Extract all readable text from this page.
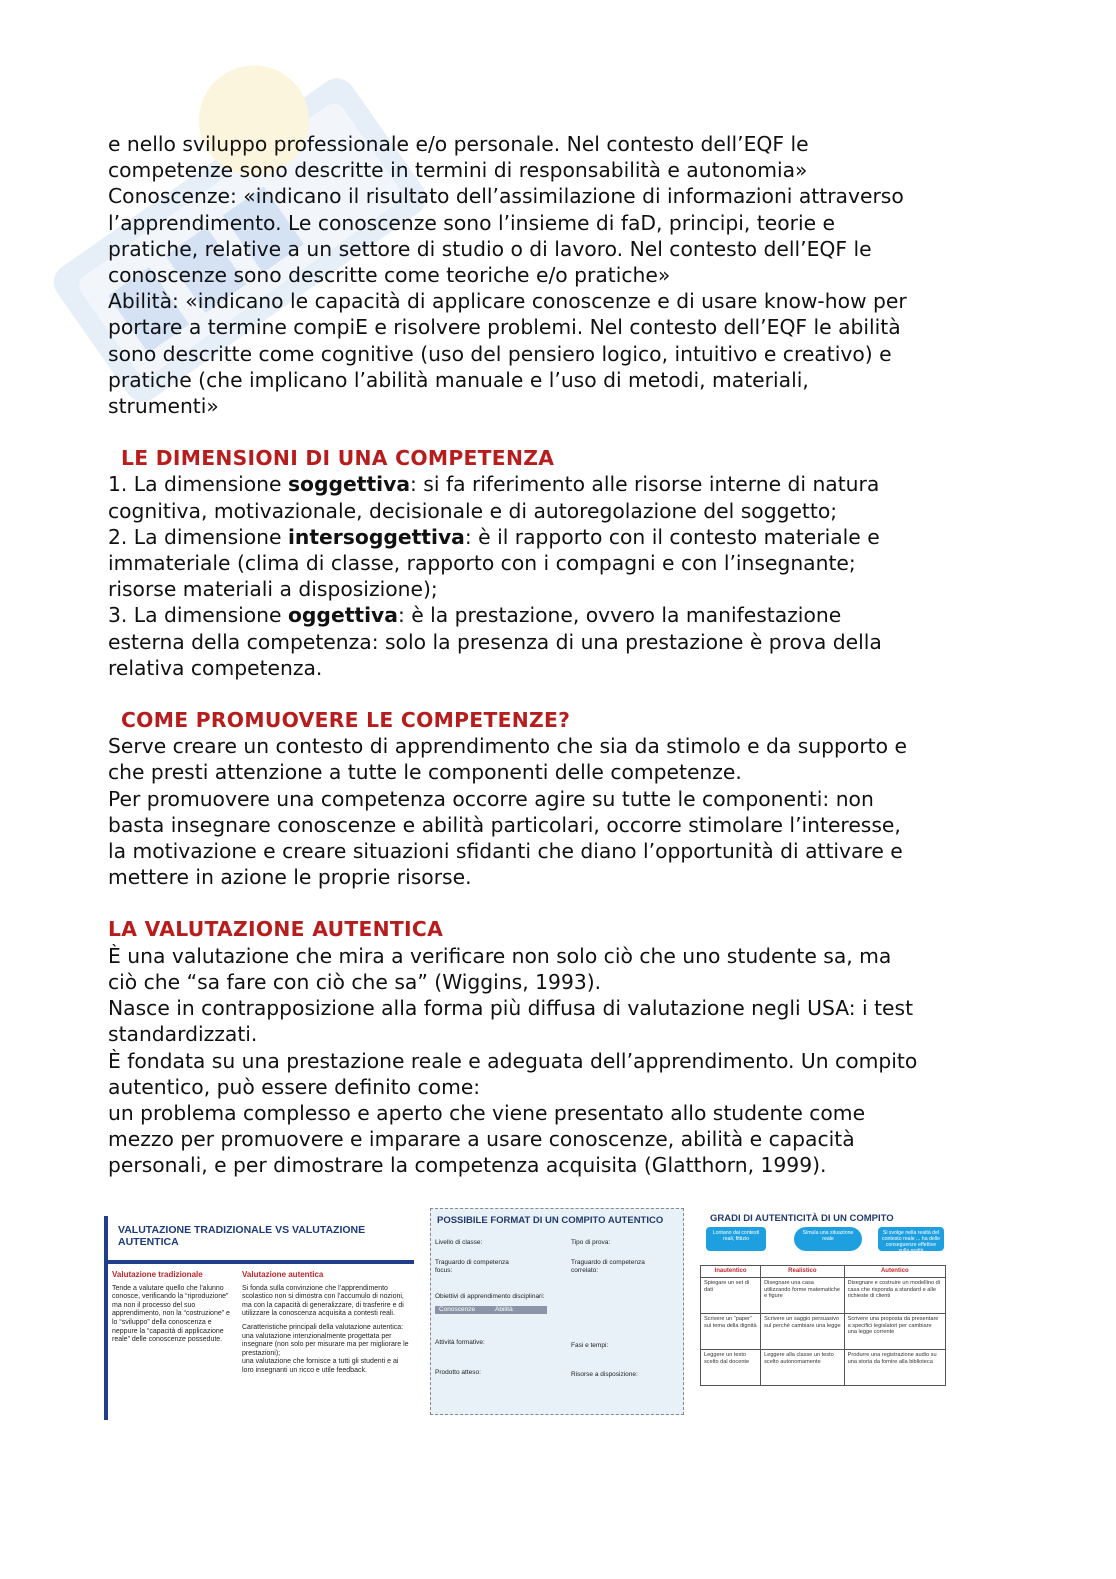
e nello sviluppo professionale e/o personale. Nel contesto dell’EQF le

competenze sono descritte in termini di responsabilità e autonomia»

Conoscenze: «indicano il risultato dell’assimilazione di informazioni attraverso

l’apprendimento. Le conoscenze sono l’insieme di faD, principi, teorie e

pratiche, relative a un settore di studio o di lavoro. Nel contesto dell’EQF le

conoscenze sono descritte come teoriche e/o pratiche»

Abilità: «indicano le capacità di applicare conoscenze e di usare know-how per

portare a termine compiE e risolvere problemi. Nel contesto dell’EQF le abilità

sono descritte come cognitive (uso del pensiero logico, intuitivo e creativo) e

pratiche (che implicano l’abilità manuale e l’uso di metodi, materiali,

strumenti»

LE DIMENSIONI DI UNA COMPETENZA

1. La dimensione soggettiva: si fa riferimento alle risorse interne di natura

cognitiva, motivazionale, decisionale e di autoregolazione del soggetto;

2. La dimensione intersoggettiva: è il rapporto con il contesto materiale e

immateriale (clima di classe, rapporto con i compagni e con l’insegnante;

risorse materiali a disposizione);

3. La dimensione oggettiva: è la prestazione, ovvero la manifestazione

esterna della competenza: solo la presenza di una prestazione è prova della

relativa competenza.

COME PROMUOVERE LE COMPETENZE?

Serve creare un contesto di apprendimento che sia da stimolo e da supporto e

che presti attenzione a tutte le componenti delle competenze.

Per promuovere una competenza occorre agire su tutte le componenti: non

basta insegnare conoscenze e abilità particolari, occorre stimolare l’interesse,

la motivazione e creare situazioni sfidanti che diano l’opportunità di attivare e

mettere in azione le proprie risorse.

LA VALUTAZIONE AUTENTICA

È una valutazione che mira a verificare non solo ciò che uno studente sa, ma

ciò che “sa fare con ciò che sa” (Wiggins, 1993).

Nasce in contrapposizione alla forma più diffusa di valutazione negli USA: i test

standardizzati.

È fondata su una prestazione reale e adeguata dell’apprendimento. Un compito

autentico, può essere definito come:

un problema complesso e aperto che viene presentato allo studente come

mezzo per promuovere e imparare a usare conoscenze, abilità e capacità

personali, e per dimostrare la competenza acquisita (Glatthorn, 1999).

VALUTAZIONE TRADIZIONALE VS VALUTAZIONE AUTENTICA
Valutazione tradizionale
Tende a valutare quello che l’alunno conosce, verificando la “riproduzione” ma non il processo del suo apprendimento, non la “costruzione” e lo “sviluppo” della conoscenza e neppure la “capacità di applicazione reale” delle conoscenze possedute.
Valutazione autentica
Si fonda sulla convinzione che l’apprendimento scolastico non si dimostra con l’accumulo di nozioni, ma con la capacità di generalizzare, di trasferire e di utilizzare la conoscenza acquisita a contesti reali.
Caratteristiche principali della valutazione autentica:
una valutazione intenzionalmente progettata per insegnare (non solo per misurare ma per migliorare le prestazioni);
una valutazione che fornisce a tutti gli studenti e ai loro insegnanti un ricco e utile feedback.
POSSIBILE FORMAT DI UN COMPITO AUTENTICO
Livello di classe:	Tipo di prova:
Traguardo di competenza focus:
Traguardo di competenza correlato:
Obiettivi di apprendimento disciplinari:
Conoscenze	Abilità
Attività formative:	Fasi e tempi:
Prodotto atteso:	Risorse a disposizione:
GRADI DI AUTENTICITÀ DI UN COMPITO
Lontano dai contesti reali, fittizio
Simula una situazione reale
Si svolge nella realtà del contesto reale ... ha delle conseguenze effettive sulla realtà
Inautentico	Realistico	Autentico
Spiegare un set di dati	Disegnare una casa utilizzando forme matematiche e figure	Disegnare e costruire un modellino di casa che risponda a standard e alle richieste di clienti
Scrivere un “paper” sui tema della dignità	Scrivere un saggio persuasivo sul perché cambiare una legge	Scrivere una proposta da presentare a specifici legislatori per cambiare una legge corrente
Leggere un testo scelto dal docente	Leggere alla classe un testo scelto autonomamente	Produrre una registrazione audio su una storia da fornire alla biblioteca
